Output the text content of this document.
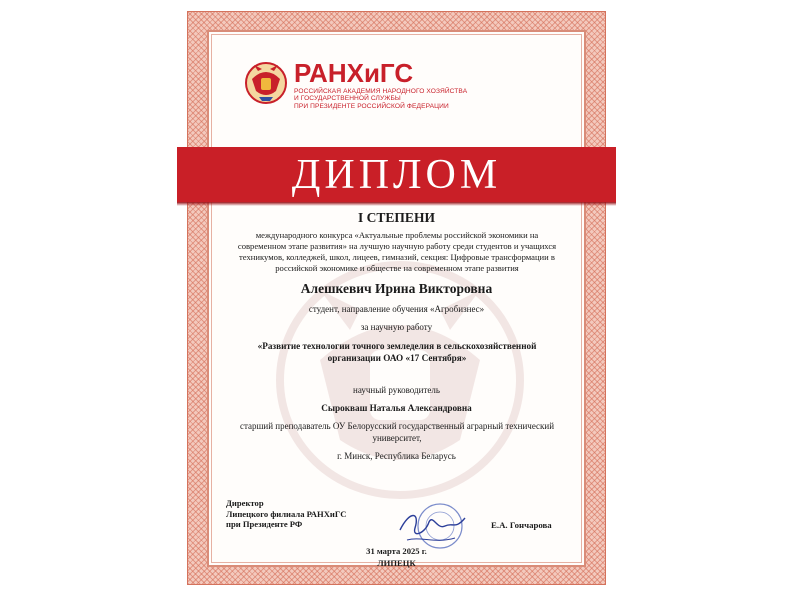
РАНХиГС
РОССИЙСКАЯ АКАДЕМИЯ НАРОДНОГО ХОЗЯЙСТВА
И ГОСУДАРСТВЕННОЙ СЛУЖБЫ
ПРИ ПРЕЗИДЕНТЕ РОССИЙСКОЙ ФЕДЕРАЦИИ
ДИПЛОМ
I СТЕПЕНИ
международного конкурса «Актуальные проблемы российской экономики на современном этапе развития» на лучшую научную работу среди студентов и учащихся техникумов, колледжей, школ, лицеев, гимназий, секция: Цифровые трансформации в российской экономике и обществе на современном этапе развития
Алешкевич Ирина Викторовна
студент, направление обучения «Агробизнес»
за научную работу
«Развитие технологии точного земледелия в сельскохозяйственной организации ОАО «17 Сентября»
научный руководитель
Сырокваш Наталья Александровна
старший преподаватель ОУ Белорусский государственный аграрный технический университет,
г. Минск, Республика Беларусь
Директор
Липецкого филиала РАНХиГС
при Президенте РФ	Е.А. Гончарова
31 марта 2025 г.
ЛИПЕЦК
